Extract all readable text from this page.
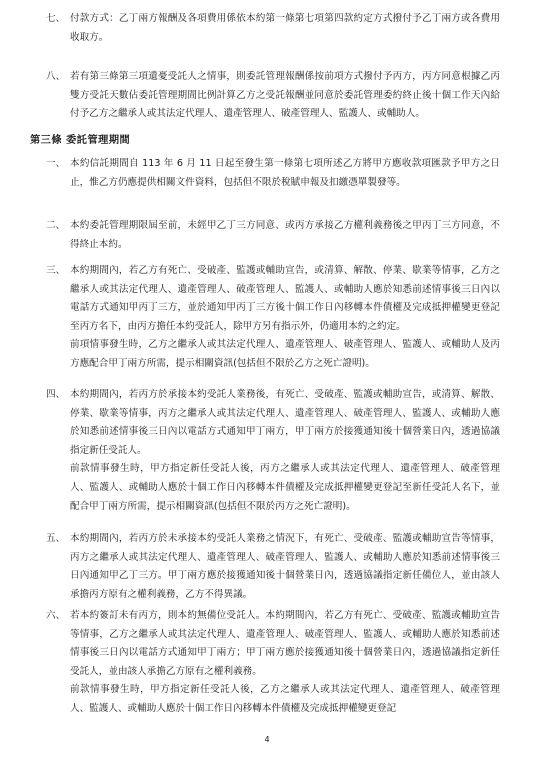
七、 付款方式：乙丁兩方報酬及各項費用係依本約第一條第七項第四款約定方式撥付予乙丁兩方或各費用收取方。
八、 若有第三條第三項遺憂受託人之情事，則委託管理報酬係按前項方式撥付予丙方，丙方同意根據乙丙雙方受託天數佔委託管理期間比例計算乙方之受託報酬並同意於委託管理委約終止後十個工作天內給付予乙方之繼承人或其法定代理人、遺產管理人、破產管理人、監護人、或輔助人。
第三條 委託管理期間
一、 本約信託期間自 113 年 6 月 11 日起至發生第一條第七項所述乙方將甲方應收款項匯款予甲方之日止，惟乙方仍應提供相關文件資料，包括但不限於稅賦申報及扣繳憑單製發等。
二、 本約委託管理期限屆至前，未經甲乙丁三方同意、或丙方承接乙方權利義務後之甲丙丁三方同意，不得終止本約。
三、 本約期間內，若乙方有死亡、受破產、監護或輔助宣告，或清算、解散、停業、歇業等情事，乙方之繼承人或其法定代理人、遺產管理人、破產管理人、監護人、或輔助人應於知悉前述情事後三日內以電話方式通知甲丙丁三方，並於通知甲丙丁三方後十個工作日內移轉本件債權及完成抵押權變更登記至丙方名下，由丙方擔任本約受託人，除甲方另有指示外，仍適用本約之約定。
前項情事發生時，乙方之繼承人或其法定代理人、遺產管理人、破產管理人、監護人、或輔助人及丙方應配合甲丁兩方所需，提示相關資訊(包括但不限於乙方之死亡證明)。
四、 本約期間內，若丙方於承接本約受託人業務後，有死亡、受破產、監護或輔助宣告，或清算、解散、停業、歇業等情事，丙方之繼承人或其法定代理人、遺產管理人、破產管理人、監護人、或輔助人應於知悉前述情事後三日內以電話方式通知甲丁兩方，甲丁兩方於接獲通知後十個營業日內，透過協議指定新任受託人。
前款情事發生時，甲方指定新任受託人後，丙方之繼承人或其法定代理人、遺產管理人、破產管理人、監護人、或輔助人應於十個工作日內移轉本件債權及完成抵押權變更登記至新任受託人名下，並配合甲丁兩方所需，提示相關資訊(包括但不限於丙方之死亡證明)。
五、 本約期間內，若丙方於未承接本約受託人業務之情況下，有死亡、受破產、監護或輔助宣告等情事，丙方之繼承人或其法定代理人、遺產管理人、破產管理人、監護人、或輔助人應於知悉前述情事後三日內通知甲乙丁三方。甲丁兩方應於接獲通知後十個營業日內，透過協議指定新任備位人，並由該人承擔丙方原有之權利義務，乙方不得異議。
六、 若本約簽訂未有丙方，則本約無備位受託人。本約期間內，若乙方有死亡、受破產、監護或輔助宣告等情事，乙方之繼承人或其法定代理人、遺產管理人、破產管理人、監護人、或輔助人應於知悉前述情事後三日內以電話方式通知甲丁兩方；甲丁兩方應於接獲通知後十個營業日內，透過協議指定新任受託人，並由該人承擔乙方原有之權利義務。
前款情事發生時，甲方指定新任受託人後，乙方之繼承人或其法定代理人、遺產管理人、破產管理人、監護人、或輔助人應於十個工作日內移轉本件債權及完成抵押權變更登記
4
